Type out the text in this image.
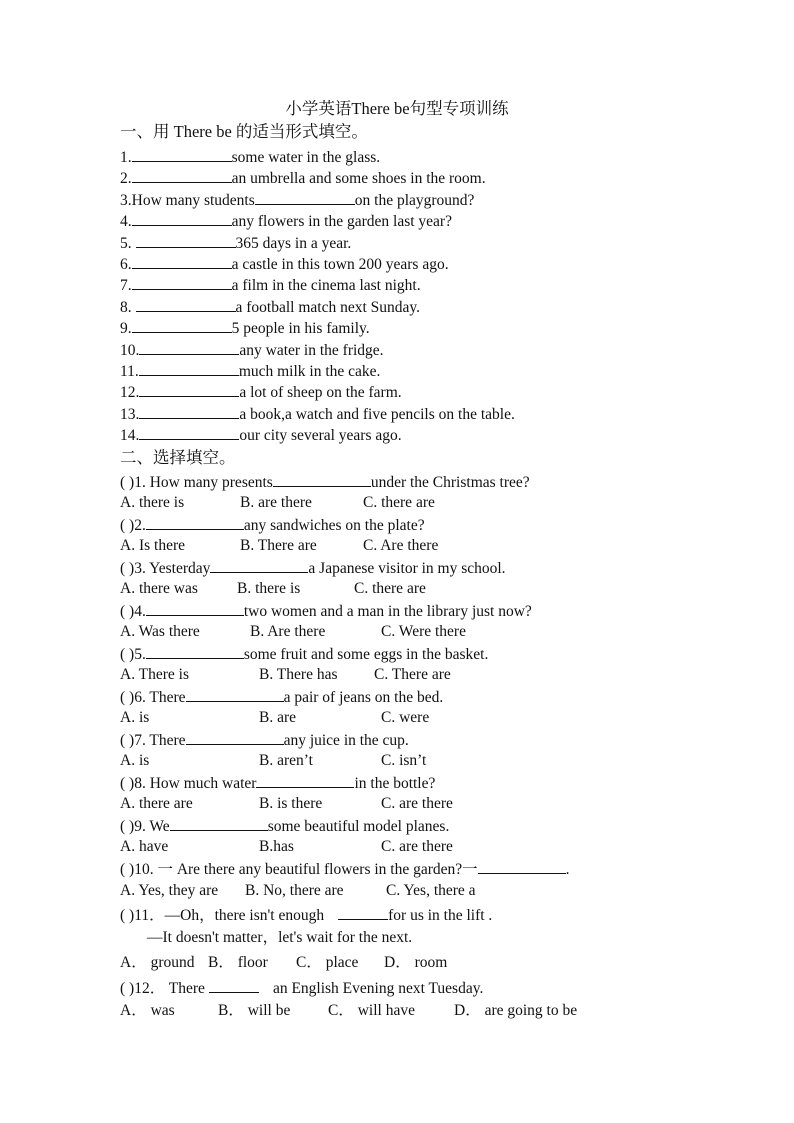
小学英语There be句型专项训练
一、用 There be 的适当形式填空。
1.	some water in the glass.
2.	an umbrella and some shoes in the room.
3.How many students	on the playground?
4.	any flowers in the garden last year?
5.	365 days in a year.
6.	a castle in this town 200 years ago.
7.	a film in the cinema last night.
8.	a football match next Sunday.
9.	5 people in his family.
10.	any water in the fridge.
11.	much milk in the cake.
12.	a lot of sheep on the farm.
13.	a book,a watch and five pencils on the table.
14.	our city several years ago.
二、选择填空。
( )1. How many presents	under the Christmas tree?
A. there is	B. are there	C. there are
( )2.	any sandwiches on the plate?
A. Is there	B. There are	C. Are there
( )3. Yesterday	a Japanese visitor in my school.
A. there was	B. there is	C. there are
( )4.	two women and a man in the library just now?
A. Was there	B. Are there	C. Were there
( )5.	some fruit and some eggs in the basket.
A. There is	B. There has C. There are
( )6. There	a pair of jeans on the bed.
A. is	B. are	C. were
( )7. There	any juice in the cup.
A. is	B. aren’t	C. isn’t
( )8. How much water	in the bottle?
A. there are	B. is there	C. are there
( )9. We	some beautiful model planes.
A. have	B.has	C. are there
( )10. 一 Are there any beautiful flowers in the garden?一	.
A. Yes, they are B. No, there are	C. Yes, there a
( )11．—Oh，there isn't enough	for us in the lift .
—It doesn't matter，let's wait for the next.
A． ground B． floor C． place D． room
( )12． There	an English Evening next Tuesday.
A． was	B． will be C． will have	D． are going to be
